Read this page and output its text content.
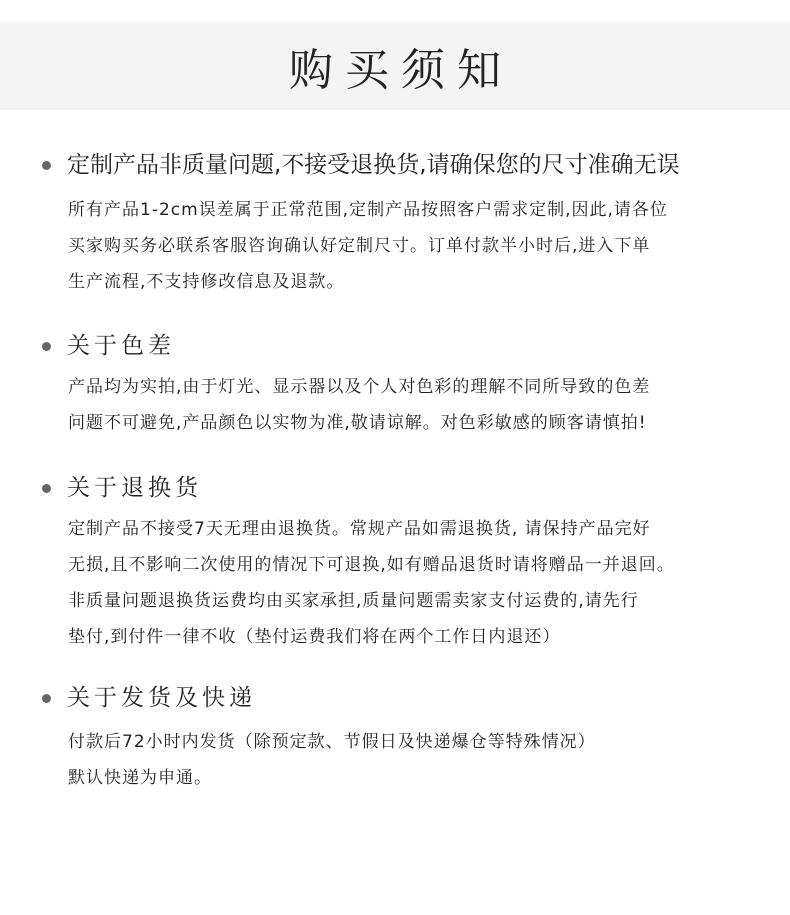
购买须知
定制产品非质量问题,不接受退换货,请确保您的尺寸准确无误
所有产品1-2cm误差属于正常范围,定制产品按照客户需求定制,因此,请各位
买家购买务必联系客服咨询确认好定制尺寸。订单付款半小时后,进入下单
生产流程,不支持修改信息及退款。
关于色差
产品均为实拍,由于灯光、显示器以及个人对色彩的理解不同所导致的色差
问题不可避免,产品颜色以实物为准,敬请谅解。对色彩敏感的顾客请慎拍!
关于退换货
定制产品不接受7天无理由退换货。常规产品如需退换货, 请保持产品完好
无损,且不影响二次使用的情况下可退换,如有赠品退货时请将赠品一并退回。
非质量问题退换货运费均由买家承担,质量问题需卖家支付运费的,请先行
垫付,到付件一律不收（垫付运费我们将在两个工作日内退还）
关于发货及快递
付款后72小时内发货（除预定款、节假日及快递爆仓等特殊情况）
默认快递为申通。
